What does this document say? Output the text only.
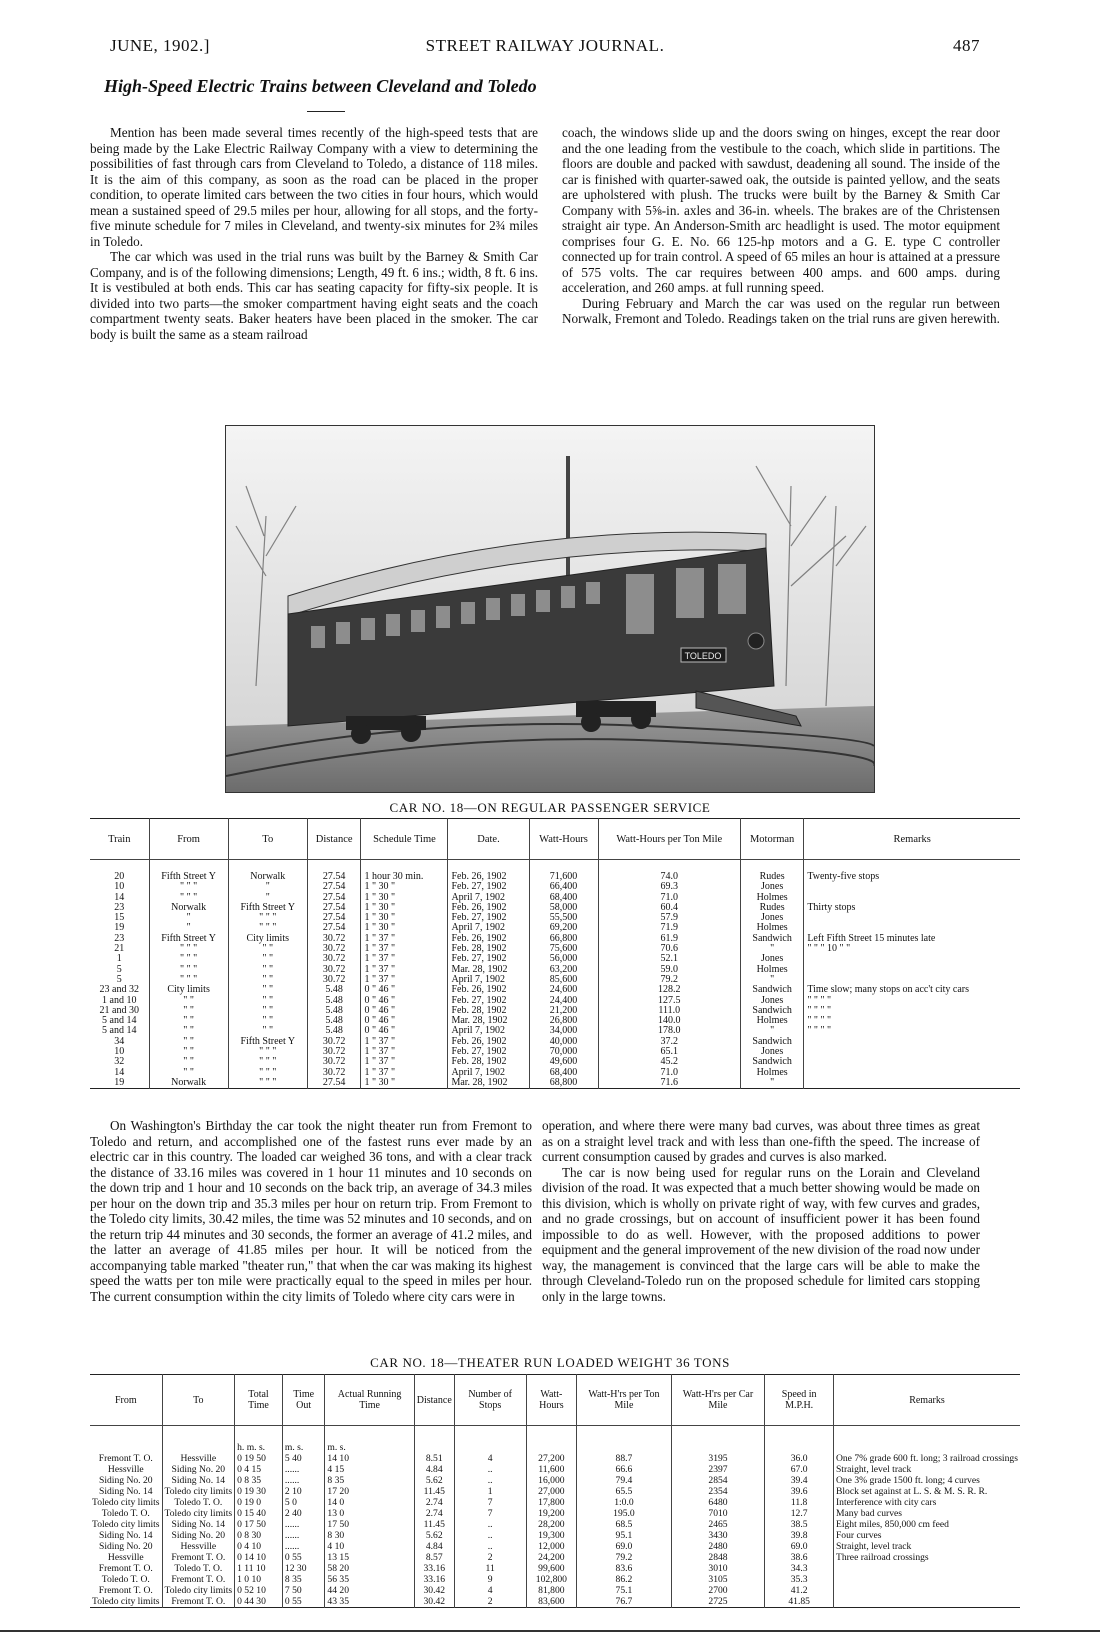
JUNE, 1902.]	STREET RAILWAY JOURNAL.	487
High-Speed Electric Trains between Cleveland and Toledo

Mention has been made several times recently of the high-speed tests that are being made by the Lake Electric Railway Company with a view to determining the possibilities of fast through cars from Cleveland to Toledo, a distance of 118 miles. It is the aim of this company, as soon as the road can be placed in the proper condition, to operate limited cars between the two cities in four hours, which would mean a sustained speed of 29.5 miles per hour, allowing for all stops, and the forty-five minute schedule for 7 miles in Cleveland, and twenty-six minutes for 2¾ miles in Toledo.

The car which was used in the trial runs was built by the Barney & Smith Car Company, and is of the following dimensions; Length, 49 ft. 6 ins.; width, 8 ft. 6 ins. It is vestibuled at both ends. This car has seating capacity for fifty-six people. It is divided into two parts—the smoker compartment having eight seats and the coach compartment twenty seats. Baker heaters have been placed in the smoker. The car body is built the same as a steam railroad

coach, the windows slide up and the doors swing on hinges, except the rear door and the one leading from the vestibule to the coach, which slide in partitions. The floors are double and packed with sawdust, deadening all sound. The inside of the car is finished with quarter-sawed oak, the outside is painted yellow, and the seats are upholstered with plush. The trucks were built by the Barney & Smith Car Company with 5⅝-in. axles and 36-in. wheels. The brakes are of the Christensen straight air type. An Anderson-Smith arc headlight is used. The motor equipment comprises four G. E. No. 66 125-hp motors and a G. E. type C controller connected up for train control. A speed of 65 miles an hour is attained at a pressure of 575 volts. The car requires between 400 amps. and 600 amps. during acceleration, and 260 amps. at full running speed.

During February and March the car was used on the regular run between Norwalk, Fremont and Toledo. Readings taken on the trial runs are given herewith.

TOLEDO
CAR NO. 18—ON REGULAR PASSENGER SERVICE
Train	From	To	Distance	Schedule Time	Date.	Watt-Hours	Watt-Hours per Ton Mile	Motorman	Remarks
20	Fifth Street Y	Norwalk	27.54	1 hour 30 min.	Feb. 26, 1902	71,600	74.0	Rudes	Twenty-five stops
10	" " "	"	27.54	1 " 30 "	Feb. 27, 1902	66,400	69.3	Jones	
14	" " "	"	27.54	1 " 30 "	April 7, 1902	68,400	71.0	Holmes	
23	Norwalk	Fifth Street Y	27.54	1 " 30 "	Feb. 26, 1902	58,000	60.4	Rudes	Thirty stops
15	"	" " "	27.54	1 " 30 "	Feb. 27, 1902	55,500	57.9	Jones	
19	"	" " "	27.54	1 " 30 "	April 7, 1902	69,200	71.9	Holmes	
23	Fifth Street Y	City limits	30.72	1 " 37 "	Feb. 26, 1902	66,800	61.9	Sandwich	Left Fifth Street 15 minutes late
21	" " "	" "	30.72	1 " 37 "	Feb. 28, 1902	75,600	70.6	"	" " " 10 " "
1	" " "	" "	30.72	1 " 37 "	Feb. 27, 1902	56,000	52.1	Jones	
5	" " "	" "	30.72	1 " 37 "	Mar. 28, 1902	63,200	59.0	Holmes	
5	" " "	" "	30.72	1 " 37 "	April 7, 1902	85,600	79.2	"	
23 and 32	City limits	" "	5.48	0 " 46 "	Feb. 26, 1902	24,600	128.2	Sandwich	Time slow; many stops on acc't city cars
1 and 10	" "	" "	5.48	0 " 46 "	Feb. 27, 1902	24,400	127.5	Jones	" " " "
21 and 30	" "	" "	5.48	0 " 46 "	Feb. 28, 1902	21,200	111.0	Sandwich	" " " "
5 and 14	" "	" "	5.48	0 " 46 "	Mar. 28, 1902	26,800	140.0	Holmes	" " " "
5 and 14	" "	" "	5.48	0 " 46 "	April 7, 1902	34,000	178.0	"	" " " "
34	" "	Fifth Street Y	30.72	1 " 37 "	Feb. 26, 1902	40,000	37.2	Sandwich	
10	" "	" " "	30.72	1 " 37 "	Feb. 27, 1902	70,000	65.1	Jones	
32	" "	" " "	30.72	1 " 37 "	Feb. 28, 1902	49,600	45.2	Sandwich	
14	" "	" " "	30.72	1 " 37 "	April 7, 1902	68,400	71.0	Holmes	
19	Norwalk	" " "	27.54	1 " 30 "	Mar. 28, 1902	68,800	71.6	"	

On Washington's Birthday the car took the night theater run from Fremont to Toledo and return, and accomplished one of the fastest runs ever made by an electric car in this country. The loaded car weighed 36 tons, and with a clear track the distance of 33.16 miles was covered in 1 hour 11 minutes and 10 seconds on the down trip and 1 hour and 10 seconds on the back trip, an average of 34.3 miles per hour on the down trip and 35.3 miles per hour on return trip. From Fremont to the Toledo city limits, 30.42 miles, the time was 52 minutes and 10 seconds, and on the return trip 44 minutes and 30 seconds, the former an average of 41.2 miles, and the latter an average of 41.85 miles per hour. It will be noticed from the accompanying table marked "theater run," that when the car was making its highest speed the watts per ton mile were practically equal to the speed in miles per hour. The current consumption within the city limits of Toledo where city cars were in

operation, and where there were many bad curves, was about three times as great as on a straight level track and with less than one-fifth the speed. The increase of current consumption caused by grades and curves is also marked.

The car is now being used for regular runs on the Lorain and Cleveland division of the road. It was expected that a much better showing would be made on this division, which is wholly on private right of way, with few curves and grades, and no grade crossings, but on account of insufficient power it has been found impossible to do as well. However, with the proposed additions to power equipment and the general improvement of the new division of the road now under way, the management is convinced that the large cars will be able to make the through Cleveland-Toledo run on the proposed schedule for limited cars stopping only in the large towns.

CAR NO. 18—THEATER RUN LOADED WEIGHT 36 TONS
From	To	Total Time	Time Out	Actual Running Time	Distance	Number of Stops	Watt-Hours	Watt-H'rs per Ton Mile	Watt-H'rs per Car Mile	Speed in M.P.H.	Remarks
		h. m. s.	m. s.	m. s.							
Fremont T. O.	Hessville	0 19 50	5 40	14 10	8.51	4	27,200	88.7	3195	36.0	One 7% grade 600 ft. long; 3 railroad crossings
Hessville	Siding No. 20	0 4 15	......	4 15	4.84	..	11,600	66.6	2397	67.0	Straight, level track
Siding No. 20	Siding No. 14	0 8 35	......	8 35	5.62	..	16,000	79.4	2854	39.4	One 3% grade 1500 ft. long; 4 curves
Siding No. 14	Toledo city limits	0 19 30	2 10	17 20	11.45	1	27,000	65.5	2354	39.6	Block set against at L. S. & M. S. R. R.
Toledo city limits	Toledo T. O.	0 19 0	5 0	14 0	2.74	7	17,800	1:0.0	6480	11.8	Interference with city cars
Toledo T. O.	Toledo city limits	0 15 40	2 40	13 0	2.74	7	19,200	195.0	7010	12.7	Many bad curves
Toledo city limits	Siding No. 14	0 17 50	......	17 50	11.45	..	28,200	68.5	2465	38.5	Eight miles, 850,000 cm feed
Siding No. 14	Siding No. 20	0 8 30	......	8 30	5.62	..	19,300	95.1	3430	39.8	Four curves
Siding No. 20	Hessville	0 4 10	......	4 10	4.84	..	12,000	69.0	2480	69.0	Straight, level track
Hessville	Fremont T. O.	0 14 10	0 55	13 15	8.57	2	24,200	79.2	2848	38.6	Three railroad crossings
Fremont T. O.	Toledo T. O.	1 11 10	12 30	58 20	33.16	11	99,600	83.6	3010	34.3	
Toledo T. O.	Fremont T. O.	1 0 10	8 35	56 35	33.16	9	102,800	86.2	3105	35.3	
Fremont T. O.	Toledo city limits	0 52 10	7 50	44 20	30.42	4	81,800	75.1	2700	41.2	
Toledo city limits	Fremont T. O.	0 44 30	0 55	43 35	30.42	2	83,600	76.7	2725	41.85	
